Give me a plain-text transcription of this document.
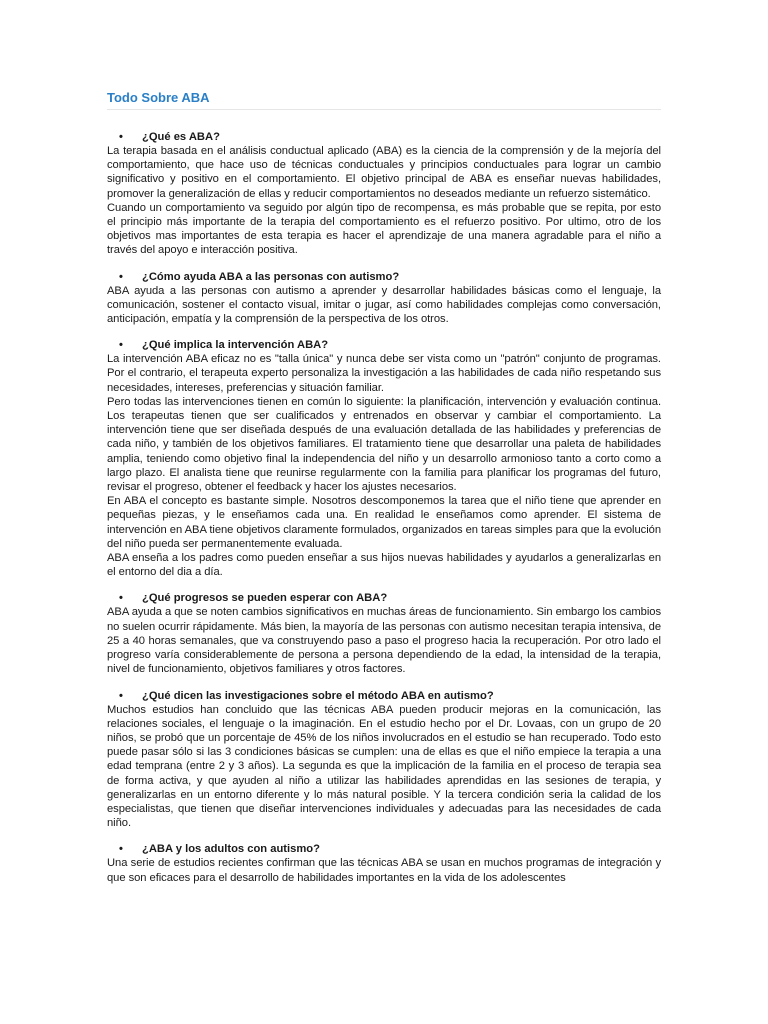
Todo Sobre ABA

•	¿Qué es ABA?

La terapia basada en el análisis conductual aplicado (ABA) es la ciencia de la comprensión y de la mejoría del comportamiento, que hace uso de técnicas conductuales y principios conductuales para lograr un cambio significativo y positivo en el comportamiento. El objetivo principal de ABA es enseñar nuevas habilidades, promover la generalización de ellas y reducir comportamientos no deseados mediante un refuerzo sistemático.

Cuando un comportamiento va seguido por algún tipo de recompensa, es más probable que se repita, por esto el principio más importante de la terapia del comportamiento es el refuerzo positivo. Por ultimo, otro de los objetivos mas importantes de esta terapia es hacer el aprendizaje de una manera agradable para el niño a través del apoyo e interacción positiva.

•	¿Cómo ayuda ABA a las personas con autismo?

ABA ayuda a las personas con autismo a aprender y desarrollar habilidades básicas como el lenguaje, la comunicación, sostener el contacto visual, imitar o jugar, así como habilidades complejas como conversación, anticipación, empatía y la comprensión de la perspectiva de los otros.

•	¿Qué implica la intervención ABA?

La intervención ABA eficaz no es "talla única" y nunca debe ser vista como un "patrón" conjunto de programas. Por el contrario, el terapeuta experto personaliza la investigación a las habilidades de cada niño respetando sus necesidades, intereses, preferencias y situación familiar.

Pero todas las intervenciones tienen en común lo siguiente: la planificación, intervención y evaluación continua. Los terapeutas tienen que ser cualificados y entrenados en observar y cambiar el comportamiento. La intervención tiene que ser diseñada después de una evaluación detallada de las habilidades y preferencias de cada niño, y también de los objetivos familiares. El tratamiento tiene que desarrollar una paleta de habilidades amplia, teniendo como objetivo final la independencia del niño y un desarrollo armonioso tanto a corto como a largo plazo. El analista tiene que reunirse regularmente con la familia para planificar los programas del futuro, revisar el progreso, obtener el feedback y hacer los ajustes necesarios.

En ABA el concepto es bastante simple. Nosotros descomponemos la tarea que el niño tiene que aprender en pequeñas piezas, y le enseñamos cada una. En realidad le enseñamos como aprender. El sistema de intervención en ABA tiene objetivos claramente formulados, organizados en tareas simples para que la evolución del niño pueda ser permanentemente evaluada.

ABA enseña a los padres como pueden enseñar a sus hijos nuevas habilidades y ayudarlos a generalizarlas en el entorno del dia a día.

•	¿Qué progresos se pueden esperar con ABA?

ABA ayuda a que se noten cambios significativos en muchas áreas de funcionamiento. Sin embargo los cambios no suelen ocurrir rápidamente. Más bien, la mayoría de las personas con autismo necesitan terapia intensiva, de 25 a 40 horas semanales, que va construyendo paso a paso el progreso hacia la recuperación. Por otro lado el progreso varía considerablemente de persona a persona dependiendo de la edad, la intensidad de la terapia, nivel de funcionamiento, objetivos familiares y otros factores.

•	¿Qué dicen las investigaciones sobre el método ABA en autismo?

Muchos estudios han concluido que las técnicas ABA pueden producir mejoras en la comunicación, las relaciones sociales, el lenguaje o la imaginación. En el estudio hecho por el Dr. Lovaas, con un grupo de 20 niños, se probó que un porcentaje de 45% de los niños involucrados en el estudio se han recuperado. Todo esto puede pasar sólo si las 3 condiciones básicas se cumplen: una de ellas es que el niño empiece la terapia a una edad temprana (entre 2 y 3 años). La segunda es que la implicación de la familia en el proceso de terapia sea de forma activa, y que ayuden al niño a utilizar las habilidades aprendidas en las sesiones de terapia, y generalizarlas en un entorno diferente y lo más natural posible. Y la tercera condición seria la calidad de los especialistas, que tienen que diseñar intervenciones individuales y adecuadas para las necesidades de cada niño.

•	¿ABA y los adultos con autismo?

Una serie de estudios recientes confirman que las técnicas ABA se usan en muchos programas de integración y que son eficaces para el desarrollo de habilidades importantes en la vida de los adolescentes
